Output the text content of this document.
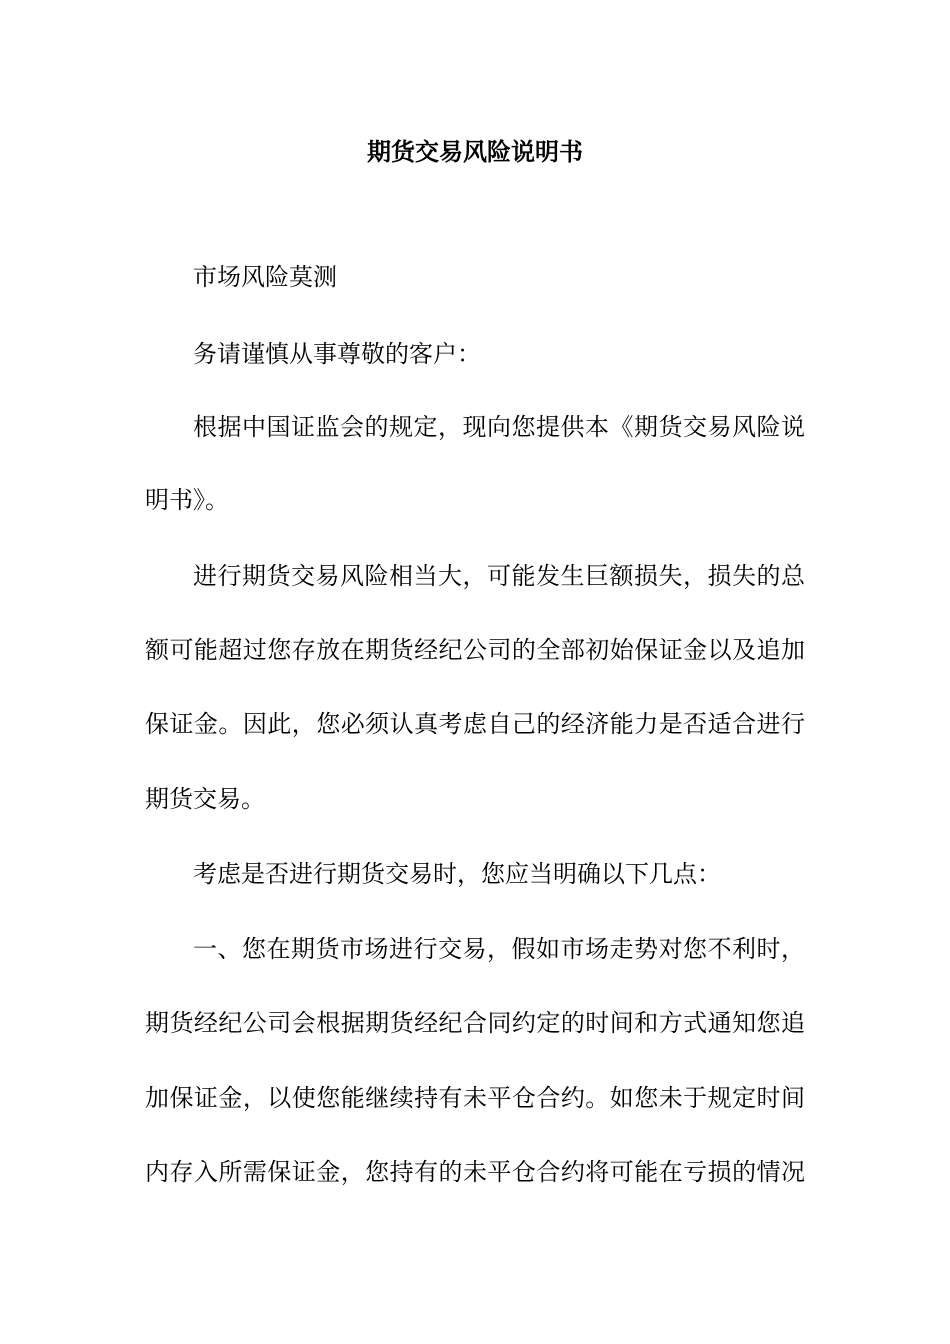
期货交易风险说明书

市场风险莫测

务请谨慎从事尊敬的客户：

根据中国证监会的规定，现向您提供本《期货交易风险说

明书》。

进行期货交易风险相当大，可能发生巨额损失，损失的总

额可能超过您存放在期货经纪公司的全部初始保证金以及追加

保证金。因此，您必须认真考虑自己的经济能力是否适合进行

期货交易。

考虑是否进行期货交易时，您应当明确以下几点：

一、您在期货市场进行交易，假如市场走势对您不利时，

期货经纪公司会根据期货经纪合同约定的时间和方式通知您追

加保证金，以使您能继续持有未平仓合约。如您未于规定时间

内存入所需保证金，您持有的未平仓合约将可能在亏损的情况
